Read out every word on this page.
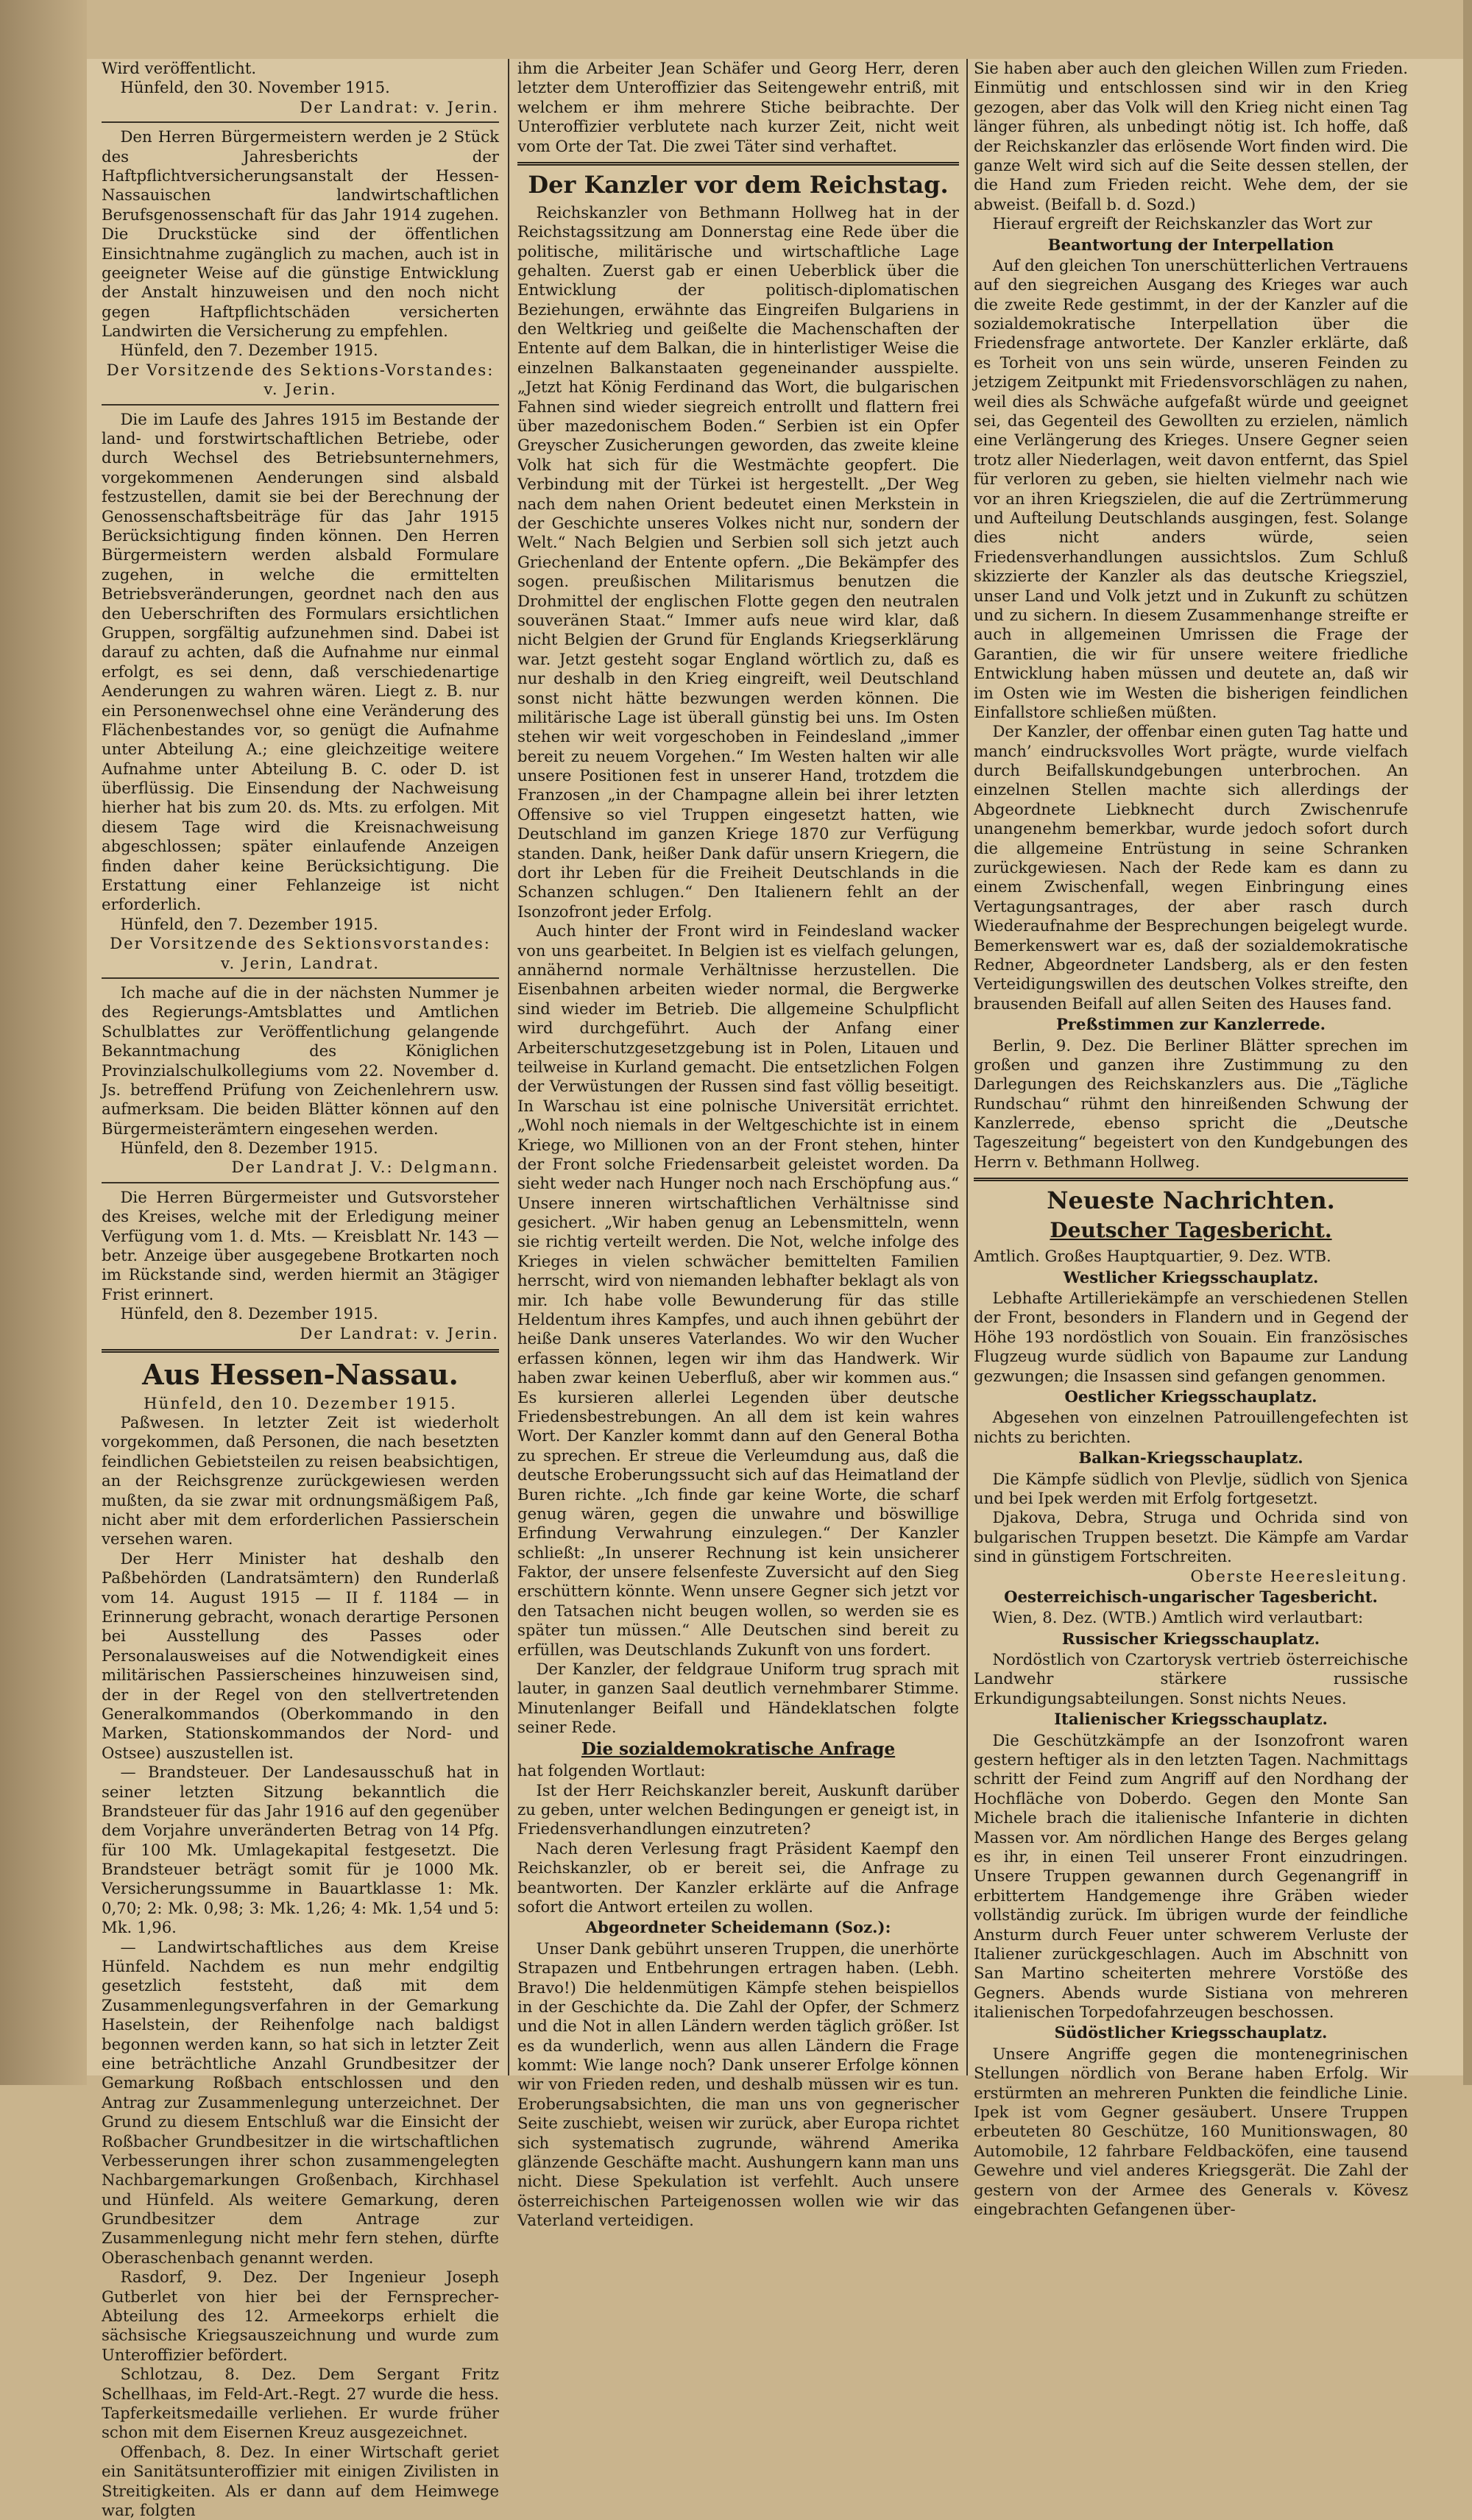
Wird veröffentlicht.

Hünfeld, den 30. November 1915.

Der Landrat: v. Jerin.

Den Herren Bürgermeistern werden je 2 Stück des Jahresberichts der Haftpflichtversicherungsanstalt der Hessen-Nassauischen landwirtschaftlichen Berufsgenossenschaft für das Jahr 1914 zugehen. Die Druckstücke sind der öffentlichen Einsichtnahme zugänglich zu machen, auch ist in geeigneter Weise auf die günstige Entwicklung der Anstalt hinzuweisen und den noch nicht gegen Haftpflichtschäden versicherten Landwirten die Versicherung zu empfehlen.

Hünfeld, den 7. Dezember 1915.

Der Vorsitzende des Sektions-Vorstandes:

v. Jerin.

Die im Laufe des Jahres 1915 im Bestande der land- und forstwirtschaftlichen Betriebe, oder durch Wechsel des Betriebsunternehmers, vorgekommenen Aenderungen sind alsbald festzustellen, damit sie bei der Berechnung der Genossenschaftsbeiträge für das Jahr 1915 Berücksichtigung finden können. Den Herren Bürgermeistern werden alsbald Formulare zugehen, in welche die ermittelten Betriebsveränderungen, geordnet nach den aus den Ueberschriften des Formulars ersichtlichen Gruppen, sorgfältig aufzunehmen sind. Dabei ist darauf zu achten, daß die Aufnahme nur einmal erfolgt, es sei denn, daß verschiedenartige Aenderungen zu wahren wären. Liegt z. B. nur ein Personenwechsel ohne eine Veränderung des Flächenbestandes vor, so genügt die Aufnahme unter Abteilung A.; eine gleichzeitige weitere Aufnahme unter Abteilung B. C. oder D. ist überflüssig. Die Einsendung der Nachweisung hierher hat bis zum 20. ds. Mts. zu erfolgen. Mit diesem Tage wird die Kreisnachweisung abgeschlossen; später einlaufende Anzeigen finden daher keine Berücksichtigung. Die Erstattung einer Fehlanzeige ist nicht erforderlich.

Hünfeld, den 7. Dezember 1915.

Der Vorsitzende des Sektionsvorstandes:

v. Jerin, Landrat.

Ich mache auf die in der nächsten Nummer je des Regierungs-Amtsblattes und Amtlichen Schulblattes zur Veröffentlichung gelangende Bekanntmachung des Königlichen Provinzialschulkollegiums vom 22. November d. Js. betreffend Prüfung von Zeichenlehrern usw. aufmerksam. Die beiden Blätter können auf den Bürgermeisterämtern eingesehen werden.

Hünfeld, den 8. Dezember 1915.

Der Landrat J. V.: Delgmann.

Die Herren Bürgermeister und Gutsvorsteher des Kreises, welche mit der Erledigung meiner Verfügung vom 1. d. Mts. — Kreisblatt Nr. 143 — betr. Anzeige über ausgegebene Brotkarten noch im Rückstande sind, werden hiermit an 3tägiger Frist erinnert.

Hünfeld, den 8. Dezember 1915.

Der Landrat: v. Jerin.

Aus Hessen-Nassau.

Hünfeld, den 10. Dezember 1915.

Paßwesen. In letzter Zeit ist wiederholt vorgekommen, daß Personen, die nach besetzten feindlichen Gebietsteilen zu reisen beabsichtigen, an der Reichsgrenze zurückgewiesen werden mußten, da sie zwar mit ordnungsmäßigem Paß, nicht aber mit dem erforderlichen Passierschein versehen waren.

Der Herr Minister hat deshalb den Paßbehörden (Landratsämtern) den Runderlaß vom 14. August 1915 — II f. 1184 — in Erinnerung gebracht, wonach derartige Personen bei Ausstellung des Passes oder Personalausweises auf die Notwendigkeit eines militärischen Passierscheines hinzuweisen sind, der in der Regel von den stellvertretenden Generalkommandos (Oberkommando in den Marken, Stationskommandos der Nord- und Ostsee) auszustellen ist.

— Brandsteuer. Der Landesausschuß hat in seiner letzten Sitzung bekanntlich die Brandsteuer für das Jahr 1916 auf den gegenüber dem Vorjahre unveränderten Betrag von 14 Pfg. für 100 Mk. Umlagekapital festgesetzt. Die Brandsteuer beträgt somit für je 1000 Mk. Versicherungssumme in Bauartklasse 1: Mk. 0,70; 2: Mk. 0,98; 3: Mk. 1,26; 4: Mk. 1,54 und 5: Mk. 1,96.

— Landwirtschaftliches aus dem Kreise Hünfeld. Nachdem es nun mehr endgiltig gesetzlich feststeht, daß mit dem Zusammenlegungsverfahren in der Gemarkung Haselstein, der Reihenfolge nach baldigst begonnen werden kann, so hat sich in letzter Zeit eine beträchtliche Anzahl Grundbesitzer der Gemarkung Roßbach entschlossen und den Antrag zur Zusammenlegung unterzeichnet. Der Grund zu diesem Entschluß war die Einsicht der Roßbacher Grundbesitzer in die wirtschaftlichen Verbesserungen ihrer schon zusammengelegten Nachbargemarkungen Großenbach, Kirchhasel und Hünfeld. Als weitere Gemarkung, deren Grundbesitzer dem Antrage zur Zusammenlegung nicht mehr fern stehen, dürfte Oberaschenbach genannt werden.

Rasdorf, 9. Dez. Der Ingenieur Joseph Gutberlet von hier bei der Fernsprecher-Abteilung des 12. Armeekorps erhielt die sächsische Kriegsauszeichnung und wurde zum Unteroffizier befördert.

Schlotzau, 8. Dez. Dem Sergant Fritz Schellhaas, im Feld-Art.-Regt. 27 wurde die hess. Tapferkeitsmedaille verliehen. Er wurde früher schon mit dem Eisernen Kreuz ausgezeichnet.

Offenbach, 8. Dez. In einer Wirtschaft geriet ein Sanitätsunteroffizier mit einigen Zivilisten in Streitigkeiten. Als er dann auf dem Heimwege war, folgten

ihm die Arbeiter Jean Schäfer und Georg Herr, deren letzter dem Unteroffizier das Seitengewehr entriß, mit welchem er ihm mehrere Stiche beibrachte. Der Unteroffizier verblutete nach kurzer Zeit, nicht weit vom Orte der Tat. Die zwei Täter sind verhaftet.

Der Kanzler vor dem Reichstag.

Reichskanzler von Bethmann Hollweg hat in der Reichstagssitzung am Donnerstag eine Rede über die politische, militärische und wirtschaftliche Lage gehalten. Zuerst gab er einen Ueberblick über die Entwicklung der politisch-diplomatischen Beziehungen, erwähnte das Eingreifen Bulgariens in den Weltkrieg und geißelte die Machenschaften der Entente auf dem Balkan, die in hinterlistiger Weise die einzelnen Balkanstaaten gegeneinander ausspielte. „Jetzt hat König Ferdinand das Wort, die bulgarischen Fahnen sind wieder siegreich entrollt und flattern frei über mazedonischem Boden.“ Serbien ist ein Opfer Greyscher Zusicherungen geworden, das zweite kleine Volk hat sich für die Westmächte geopfert. Die Verbindung mit der Türkei ist hergestellt. „Der Weg nach dem nahen Orient bedeutet einen Merkstein in der Geschichte unseres Volkes nicht nur, sondern der Welt.“ Nach Belgien und Serbien soll sich jetzt auch Griechenland der Entente opfern. „Die Bekämpfer des sogen. preußischen Militarismus benutzen die Drohmittel der englischen Flotte gegen den neutralen souveränen Staat.“ Immer aufs neue wird klar, daß nicht Belgien der Grund für Englands Kriegserklärung war. Jetzt gesteht sogar England wörtlich zu, daß es nur deshalb in den Krieg eingreift, weil Deutschland sonst nicht hätte bezwungen werden können. Die militärische Lage ist überall günstig bei uns. Im Osten stehen wir weit vorgeschoben in Feindesland „immer bereit zu neuem Vorgehen.“ Im Westen halten wir alle unsere Positionen fest in unserer Hand, trotzdem die Franzosen „in der Champagne allein bei ihrer letzten Offensive so viel Truppen eingesetzt hatten, wie Deutschland im ganzen Kriege 1870 zur Verfügung standen. Dank, heißer Dank dafür unsern Kriegern, die dort ihr Leben für die Freiheit Deutschlands in die Schanzen schlugen.“ Den Italienern fehlt an der Isonzofront jeder Erfolg.

Auch hinter der Front wird in Feindesland wacker von uns gearbeitet. In Belgien ist es vielfach gelungen, annähernd normale Verhältnisse herzustellen. Die Eisenbahnen arbeiten wieder normal, die Bergwerke sind wieder im Betrieb. Die allgemeine Schulpflicht wird durchgeführt. Auch der Anfang einer Arbeiterschutzgesetzgebung ist in Polen, Litauen und teilweise in Kurland gemacht. Die entsetzlichen Folgen der Verwüstungen der Russen sind fast völlig beseitigt. In Warschau ist eine polnische Universität errichtet. „Wohl noch niemals in der Weltgeschichte ist in einem Kriege, wo Millionen von an der Front stehen, hinter der Front solche Friedensarbeit geleistet worden. Da sieht weder nach Hunger noch nach Erschöpfung aus.“ Unsere inneren wirtschaftlichen Verhältnisse sind gesichert. „Wir haben genug an Lebensmitteln, wenn sie richtig verteilt werden. Die Not, welche infolge des Krieges in vielen schwächer bemittelten Familien herrscht, wird von niemanden lebhafter beklagt als von mir. Ich habe volle Bewunderung für das stille Heldentum ihres Kampfes, und auch ihnen gebührt der heiße Dank unseres Vaterlandes. Wo wir den Wucher erfassen können, legen wir ihm das Handwerk. Wir haben zwar keinen Ueberfluß, aber wir kommen aus.“ Es kursieren allerlei Legenden über deutsche Friedensbestrebungen. An all dem ist kein wahres Wort. Der Kanzler kommt dann auf den General Botha zu sprechen. Er streue die Verleumdung aus, daß die deutsche Eroberungssucht sich auf das Heimatland der Buren richte. „Ich finde gar keine Worte, die scharf genug wären, gegen die unwahre und böswillige Erfindung Verwahrung einzulegen.“ Der Kanzler schließt: „In unserer Rechnung ist kein unsicherer Faktor, der unsere felsenfeste Zuversicht auf den Sieg erschüttern könnte. Wenn unsere Gegner sich jetzt vor den Tatsachen nicht beugen wollen, so werden sie es später tun müssen.“ Alle Deutschen sind bereit zu erfüllen, was Deutschlands Zukunft von uns fordert.

Der Kanzler, der feldgraue Uniform trug sprach mit lauter, in ganzen Saal deutlich vernehmbarer Stimme. Minutenlanger Beifall und Händeklatschen folgte seiner Rede.

Die sozialdemokratische Anfrage

hat folgenden Wortlaut:

Ist der Herr Reichskanzler bereit, Auskunft darüber zu geben, unter welchen Bedingungen er geneigt ist, in Friedensverhandlungen einzutreten?

Nach deren Verlesung fragt Präsident Kaempf den Reichskanzler, ob er bereit sei, die Anfrage zu beantworten. Der Kanzler erklärte auf die Anfrage sofort die Antwort erteilen zu wollen.

Abgeordneter Scheidemann (Soz.):

Unser Dank gebührt unseren Truppen, die unerhörte Strapazen und Entbehrungen ertragen haben. (Lebh. Bravo!) Die heldenmütigen Kämpfe stehen beispiellos in der Geschichte da. Die Zahl der Opfer, der Schmerz und die Not in allen Ländern werden täglich größer. Ist es da wunderlich, wenn aus allen Ländern die Frage kommt: Wie lange noch? Dank unserer Erfolge können wir von Frieden reden, und deshalb müssen wir es tun. Eroberungsabsichten, die man uns von gegnerischer Seite zuschiebt, weisen wir zurück, aber Europa richtet sich systematisch zugrunde, während Amerika glänzende Geschäfte macht. Aushungern kann man uns nicht. Diese Spekulation ist verfehlt. Auch unsere österreichischen Parteigenossen wollen wie wir das Vaterland verteidigen.

Sie haben aber auch den gleichen Willen zum Frieden. Einmütig und entschlossen sind wir in den Krieg gezogen, aber das Volk will den Krieg nicht einen Tag länger führen, als unbedingt nötig ist. Ich hoffe, daß der Reichskanzler das erlösende Wort finden wird. Die ganze Welt wird sich auf die Seite dessen stellen, der die Hand zum Frieden reicht. Wehe dem, der sie abweist. (Beifall b. d. Sozd.)

Hierauf ergreift der Reichskanzler das Wort zur

Beantwortung der Interpellation

Auf den gleichen Ton unerschütterlichen Vertrauens auf den siegreichen Ausgang des Krieges war auch die zweite Rede gestimmt, in der der Kanzler auf die sozialdemokratische Interpellation über die Friedensfrage antwortete. Der Kanzler erklärte, daß es Torheit von uns sein würde, unseren Feinden zu jetzigem Zeitpunkt mit Friedensvorschlägen zu nahen, weil dies als Schwäche aufgefaßt würde und geeignet sei, das Gegenteil des Gewollten zu erzielen, nämlich eine Verlängerung des Krieges. Unsere Gegner seien trotz aller Niederlagen, weit davon entfernt, das Spiel für verloren zu geben, sie hielten vielmehr nach wie vor an ihren Kriegszielen, die auf die Zertrümmerung und Aufteilung Deutschlands ausgingen, fest. Solange dies nicht anders würde, seien Friedensverhandlungen aussichtslos. Zum Schluß skizzierte der Kanzler als das deutsche Kriegsziel, unser Land und Volk jetzt und in Zukunft zu schützen und zu sichern. In diesem Zusammenhange streifte er auch in allgemeinen Umrissen die Frage der Garantien, die wir für unsere weitere friedliche Entwicklung haben müssen und deutete an, daß wir im Osten wie im Westen die bisherigen feindlichen Einfallstore schließen müßten.

Der Kanzler, der offenbar einen guten Tag hatte und manch’ eindrucksvolles Wort prägte, wurde vielfach durch Beifallskundgebungen unterbrochen. An einzelnen Stellen machte sich allerdings der Abgeordnete Liebknecht durch Zwischenrufe unangenehm bemerkbar, wurde jedoch sofort durch die allgemeine Entrüstung in seine Schranken zurückgewiesen. Nach der Rede kam es dann zu einem Zwischenfall, wegen Einbringung eines Vertagungsantrages, der aber rasch durch Wiederaufnahme der Besprechungen beigelegt wurde. Bemerkenswert war es, daß der sozialdemokratische Redner, Abgeordneter Landsberg, als er den festen Verteidigungswillen des deutschen Volkes streifte, den brausenden Beifall auf allen Seiten des Hauses fand.

Preßstimmen zur Kanzlerrede.

Berlin, 9. Dez. Die Berliner Blätter sprechen im großen und ganzen ihre Zustimmung zu den Darlegungen des Reichskanzlers aus. Die „Tägliche Rundschau“ rühmt den hinreißenden Schwung der Kanzlerrede, ebenso spricht die „Deutsche Tageszeitung“ begeistert von den Kundgebungen des Herrn v. Bethmann Hollweg.

Neueste Nachrichten.
Deutscher Tagesbericht.

Amtlich. Großes Hauptquartier, 9. Dez. WTB.

Westlicher Kriegsschauplatz.

Lebhafte Artilleriekämpfe an verschiedenen Stellen der Front, besonders in Flandern und in Gegend der Höhe 193 nordöstlich von Souain. Ein französisches Flugzeug wurde südlich von Bapaume zur Landung gezwungen; die Insassen sind gefangen genommen.

Oestlicher Kriegsschauplatz.

Abgesehen von einzelnen Patrouillengefechten ist nichts zu berichten.

Balkan-Kriegsschauplatz.

Die Kämpfe südlich von Plevlje, südlich von Sjenica und bei Ipek werden mit Erfolg fortgesetzt.

Djakova, Debra, Struga und Ochrida sind von bulgarischen Truppen besetzt. Die Kämpfe am Vardar sind in günstigem Fortschreiten.

Oberste Heeresleitung.

Oesterreichisch-ungarischer Tagesbericht.

Wien, 8. Dez. (WTB.) Amtlich wird verlautbart:

Russischer Kriegsschauplatz.

Nordöstlich von Czartorysk vertrieb österreichische Landwehr stärkere russische Erkundigungsabteilungen. Sonst nichts Neues.

Italienischer Kriegsschauplatz.

Die Geschützkämpfe an der Isonzofront waren gestern heftiger als in den letzten Tagen. Nachmittags schritt der Feind zum Angriff auf den Nordhang der Hochfläche von Doberdo. Gegen den Monte San Michele brach die italienische Infanterie in dichten Massen vor. Am nördlichen Hange des Berges gelang es ihr, in einen Teil unserer Front einzudringen. Unsere Truppen gewannen durch Gegenangriff in erbittertem Handgemenge ihre Gräben wieder vollständig zurück. Im übrigen wurde der feindliche Ansturm durch Feuer unter schwerem Verluste der Italiener zurückgeschlagen. Auch im Abschnitt von San Martino scheiterten mehrere Vorstöße des Gegners. Abends wurde Sistiana von mehreren italienischen Torpedofahrzeugen beschossen.

Südöstlicher Kriegsschauplatz.

Unsere Angriffe gegen die montenegrinischen Stellungen nördlich von Berane haben Erfolg. Wir erstürmten an mehreren Punkten die feindliche Linie. Ipek ist vom Gegner gesäubert. Unsere Truppen erbeuteten 80 Geschütze, 160 Munitionswagen, 80 Automobile, 12 fahrbare Feldbacköfen, eine tausend Gewehre und viel anderes Kriegsgerät. Die Zahl der gestern von der Armee des Generals v. Kövesz eingebrachten Gefangenen über-
